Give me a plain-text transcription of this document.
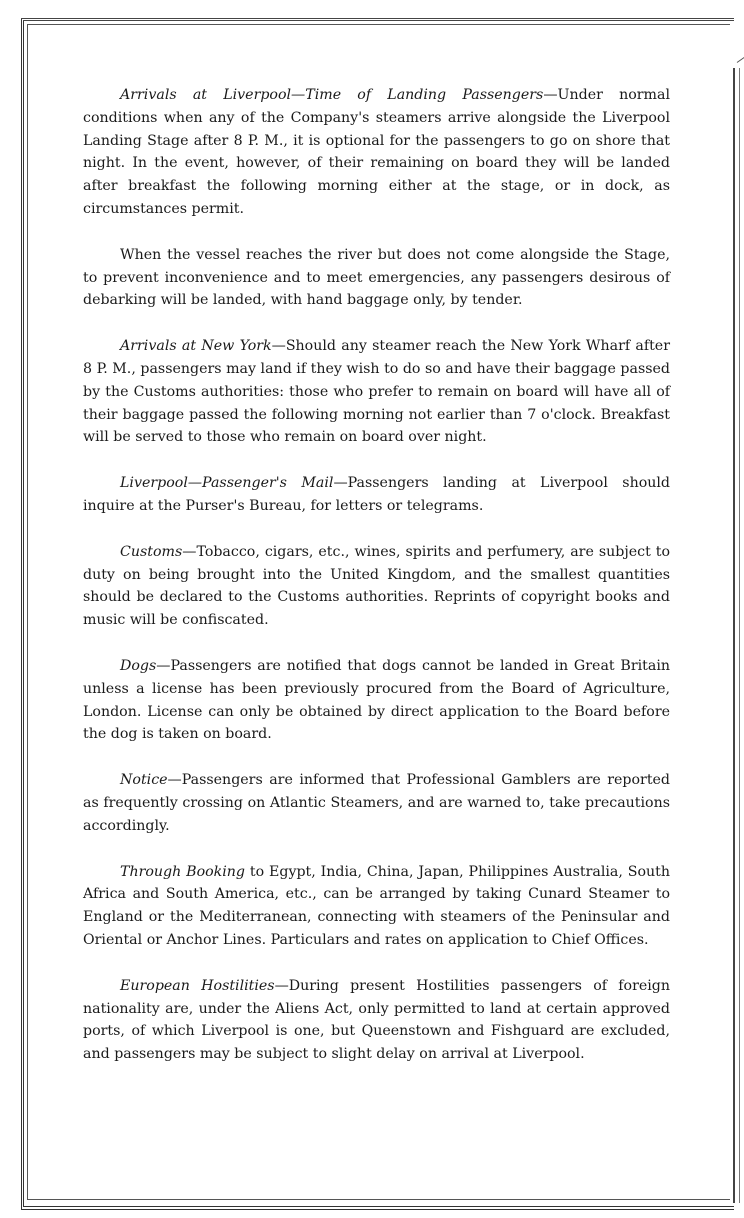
Arrivals at Liverpool—Time of Landing Passengers—Under normal conditions when any of the Company's steamers arrive alongside the Liverpool Landing Stage after 8 P. M., it is optional for the passengers to go on shore that night. In the event, however, of their remaining on board they will be landed after breakfast the following morning either at the stage, or in dock, as circumstances permit.

When the vessel reaches the river but does not come alongside the Stage, to prevent inconvenience and to meet emergencies, any passengers desirous of debarking will be landed, with hand baggage only, by tender.

Arrivals at New York—Should any steamer reach the New York Wharf after 8 P. M., passengers may land if they wish to do so and have their baggage passed by the Customs authorities: those who prefer to remain on board will have all of their baggage passed the following morning not earlier than 7 o'clock. Breakfast will be served to those who remain on board over night.

Liverpool—Passenger's Mail—Passengers landing at Liverpool should inquire at the Purser's Bureau, for letters or telegrams.

Customs—Tobacco, cigars, etc., wines, spirits and perfumery, are subject to duty on being brought into the United Kingdom, and the smallest quantities should be declared to the Customs authorities. Reprints of copyright books and music will be confiscated.

Dogs—Passengers are notified that dogs cannot be landed in Great Britain unless a license has been previously procured from the Board of Agriculture, London. License can only be obtained by direct application to the Board before the dog is taken on board.

Notice—Passengers are informed that Professional Gamblers are reported as frequently crossing on Atlantic Steamers, and are warned to, take precautions accordingly.

Through Booking to Egypt, India, China, Japan, Philippines Australia, South Africa and South America, etc., can be arranged by taking Cunard Steamer to England or the Mediterranean, connecting with steamers of the Peninsular and Oriental or Anchor Lines. Particulars and rates on application to Chief Offices.

European Hostilities—During present Hostilities passengers of foreign nationality are, under the Aliens Act, only permitted to land at certain approved ports, of which Liverpool is one, but Queenstown and Fishguard are excluded, and passengers may be subject to slight delay on arrival at Liverpool.
